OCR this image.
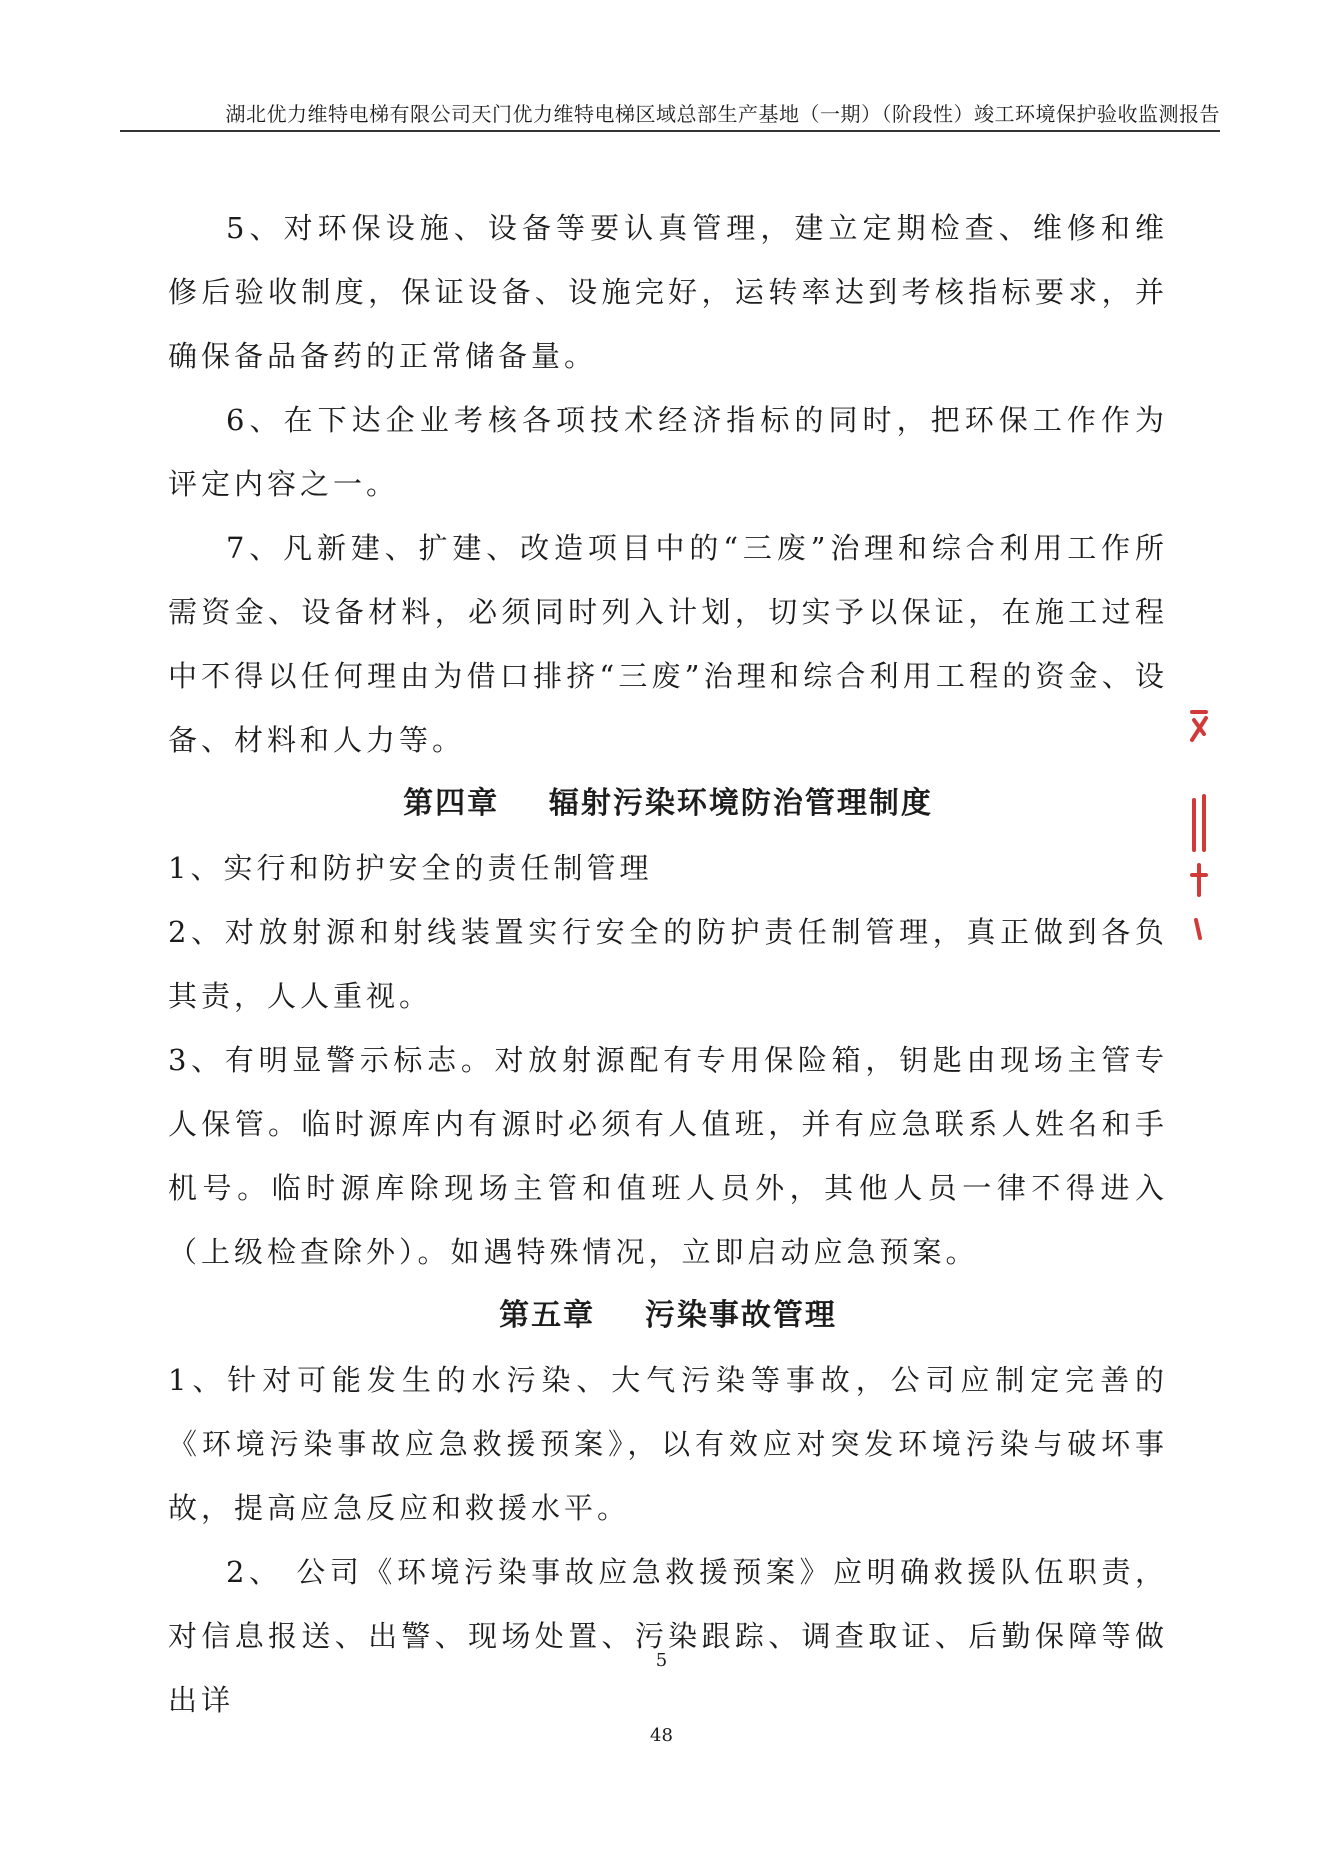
湖北优力维特电梯有限公司天门优力维特电梯区域总部生产基地（一期）（阶段性）竣工环境保护验收监测报告

5、对环保设施、设备等要认真管理，建立定期检查、维修和维修后验收制度，保证设备、设施完好，运转率达到考核指标要求，并确保备品备药的正常储备量。

6、在下达企业考核各项技术经济指标的同时，把环保工作作为评定内容之一。

7、凡新建、扩建、改造项目中的“三废”治理和综合利用工作所需资金、设备材料，必须同时列入计划，切实予以保证，在施工过程中不得以任何理由为借口排挤“三废”治理和综合利用工程的资金、设备、材料和人力等。

第四章    辐射污染环境防治管理制度

1、实行和防护安全的责任制管理

2、对放射源和射线装置实行安全的防护责任制管理，真正做到各负其责，人人重视。

3、有明显警示标志。对放射源配有专用保险箱，钥匙由现场主管专人保管。临时源库内有源时必须有人值班，并有应急联系人姓名和手机号。临时源库除现场主管和值班人员外，其他人员一律不得进入（上级检查除外）。如遇特殊情况，立即启动应急预案。

第五章    污染事故管理

1、针对可能发生的水污染、大气污染等事故，公司应制定完善的《环境污染事故应急救援预案》，以有效应对突发环境污染与破坏事故，提高应急反应和救援水平。

2、 公司《环境污染事故应急救援预案》应明确救援队伍职责，对信息报送、出警、现场处置、污染跟踪、调查取证、后勤保障等做出详

5
48
